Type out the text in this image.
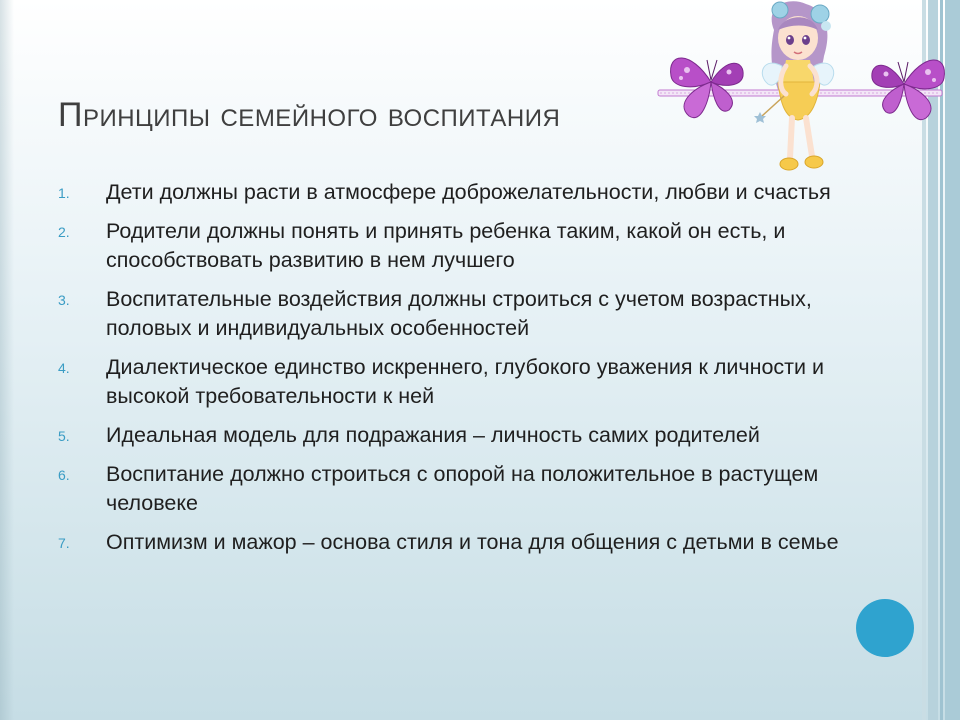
Принципы семейного воспитания
1. Дети должны расти в атмосфере доброжелательности, любви и счастья
2. Родители должны понять и принять ребенка таким, какой он есть, и способствовать развитию в нем лучшего
3. Воспитательные воздействия должны строиться с учетом возрастных, половых и индивидуальных особенностей
4. Диалектическое единство искреннего, глубокого уважения к личности и высокой требовательности к ней
5. Идеальная модель для подражания – личность самих родителей
6. Воспитание должно строиться с опорой на положительное в растущем человеке
7. Оптимизм и мажор – основа стиля и тона для общения с детьми в семье
